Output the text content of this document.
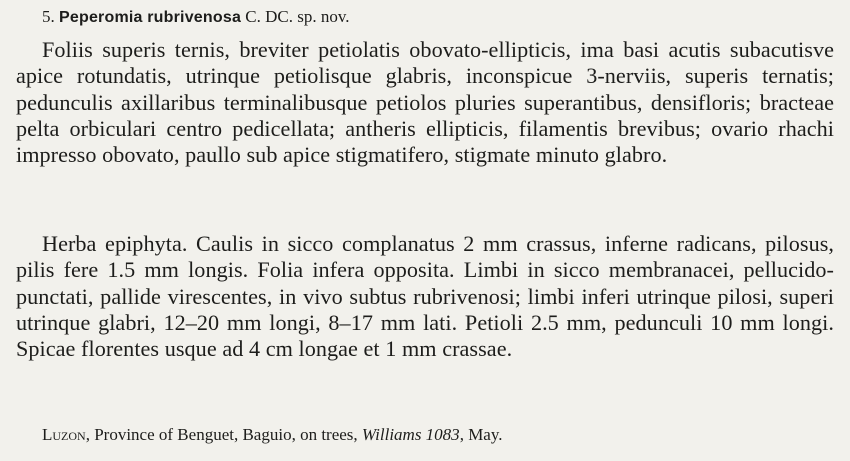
5. Peperomia rubrivenosa C. DC. sp. nov.
Foliis superis ternis, breviter petiolatis obovato-ellipticis, ima basi acutis subacutisve apice rotundatis, utrinque petiolisque glabris, inconspicue 3-nerviis, superis ternatis; pedunculis axillaribus terminalibusque petiolos pluries superantibus, densifloris; bracteae pelta orbiculari centro pedicellata; antheris ellipticis, filamentis brevibus; ovario rhachi impresso obovato, paullo sub apice stigmatifero, stigmate minuto glabro.
Herba epiphyta. Caulis in sicco complanatus 2 mm crassus, inferne radicans, pilosus, pilis fere 1.5 mm longis. Folia infera opposita. Limbi in sicco membranacei, pellucido-punctati, pallide virescentes, in vivo subtus rubrivenosi; limbi inferi utrinque pilosi, superi utrinque glabri, 12–20 mm longi, 8–17 mm lati. Petioli 2.5 mm, pedunculi 10 mm longi. Spicae florentes usque ad 4 cm longae et 1 mm crassae.
Luzon, Province of Benguet, Baguio, on trees, Williams 1083, May.
